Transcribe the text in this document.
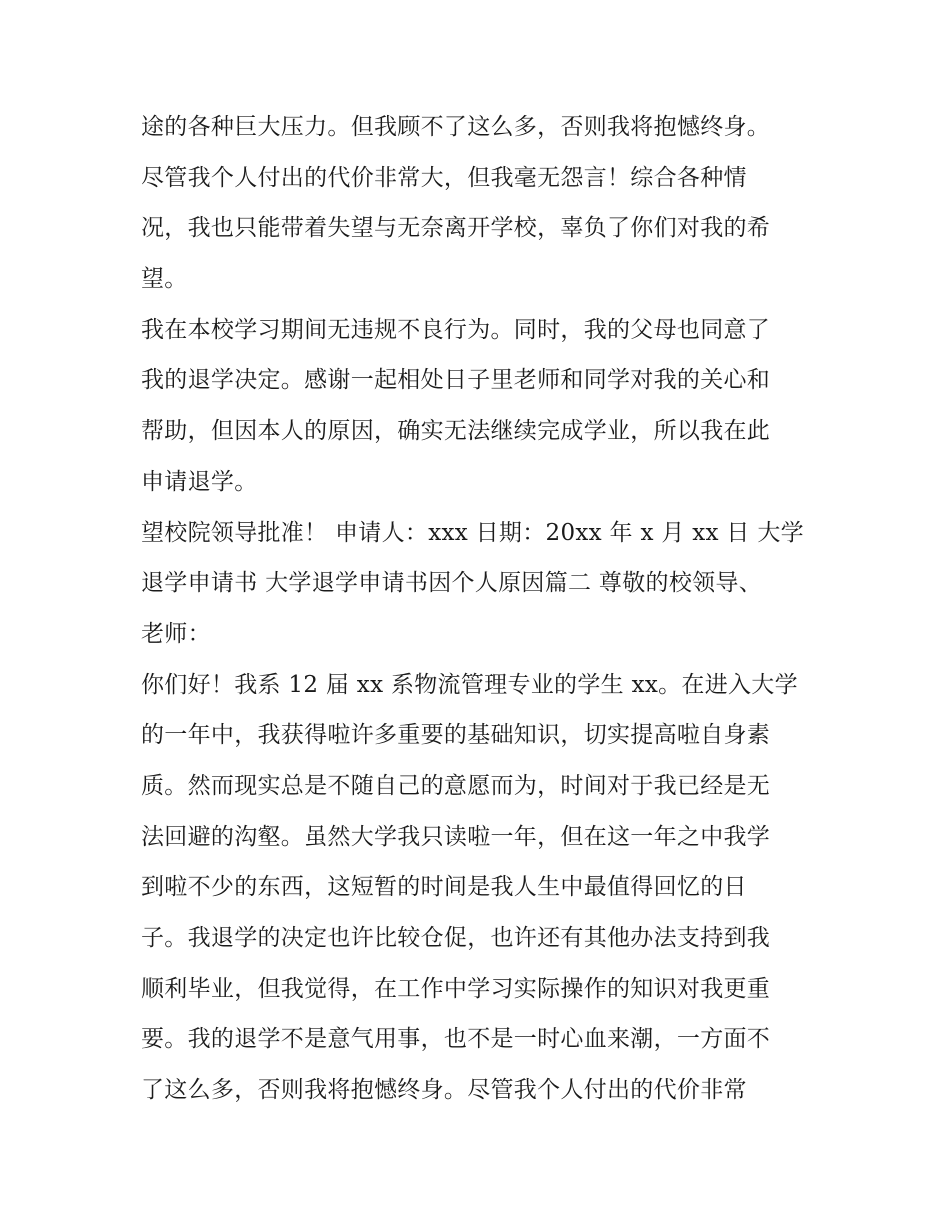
途的各种巨大压力。但我顾不了这么多，否则我将抱憾终身。
尽管我个人付出的代价非常大，但我毫无怨言！综合各种情
况，我也只能带着失望与无奈离开学校，辜负了你们对我的希
望。
我在本校学习期间无违规不良行为。同时，我的父母也同意了
我的退学决定。感谢一起相处日子里老师和同学对我的关心和
帮助，但因本人的原因，确实无法继续完成学业，所以我在此
申请退学。
望校院领导批准！ 申请人：xxx 日期：20xx 年 x 月 xx 日 大学
退学申请书 大学退学申请书因个人原因篇二 尊敬的校领导、
老师：
你们好！我系 12 届 xx 系物流管理专业的学生 xx。在进入大学
的一年中，我获得啦许多重要的基础知识，切实提高啦自身素
质。然而现实总是不随自己的意愿而为，时间对于我已经是无
法回避的沟壑。虽然大学我只读啦一年，但在这一年之中我学
到啦不少的东西，这短暂的时间是我人生中最值得回忆的日
子。我退学的决定也许比较仓促，也许还有其他办法支持到我
顺利毕业，但我觉得，在工作中学习实际操作的知识对我更重
要。我的退学不是意气用事，也不是一时心血来潮，一方面不
了这么多，否则我将抱憾终身。尽管我个人付出的代价非常
